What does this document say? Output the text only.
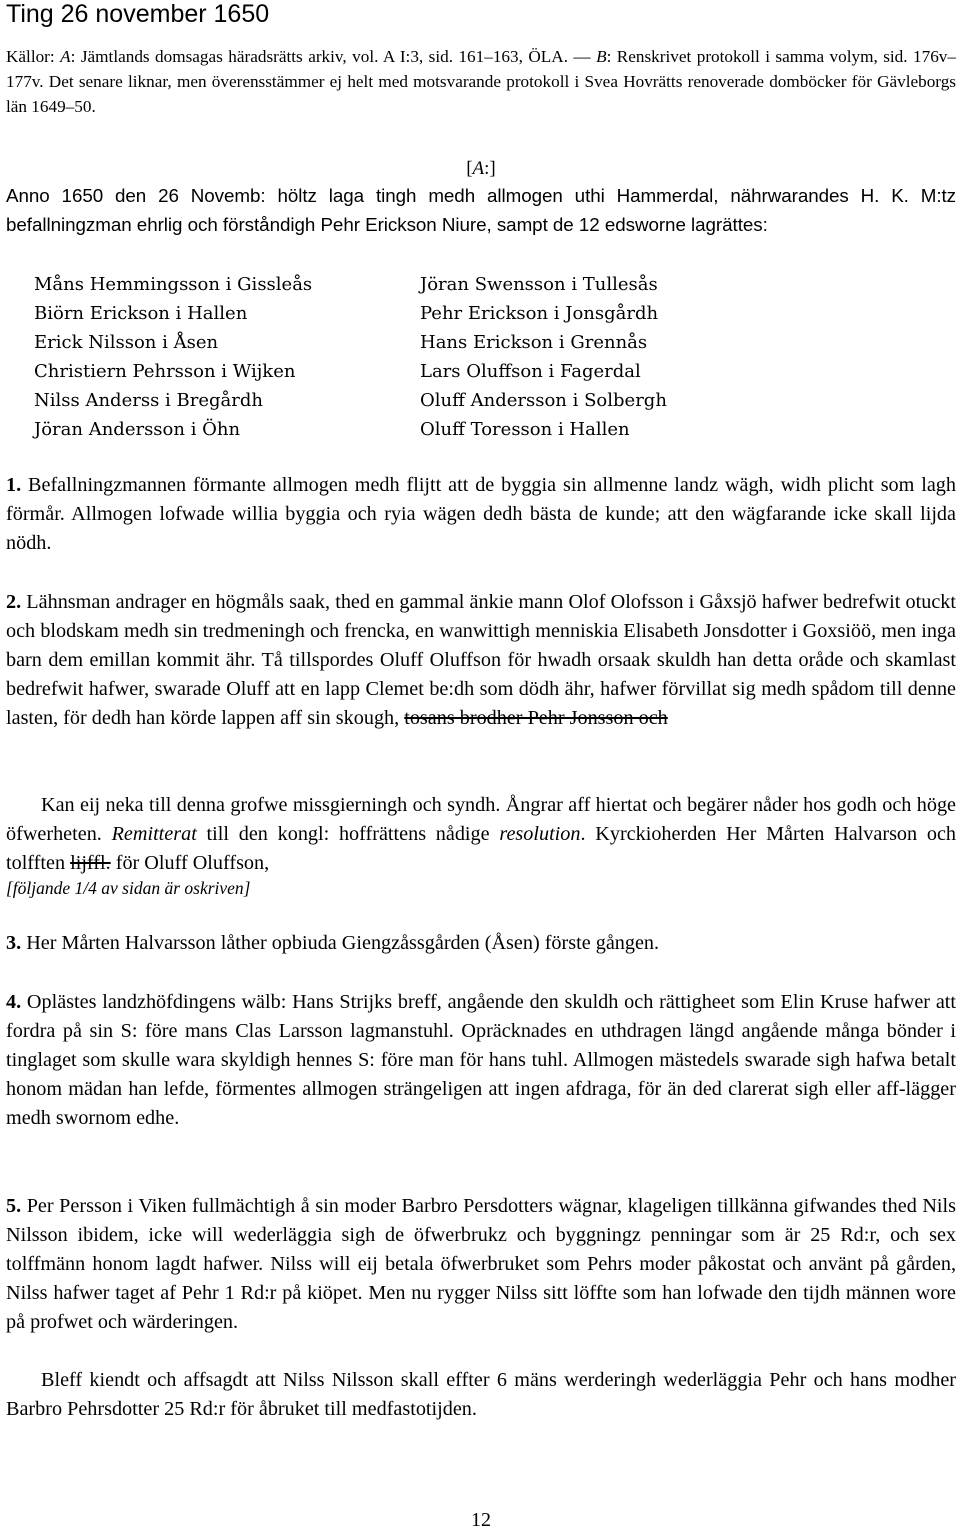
Ting 26 november 1650
Källor: A: Jämtlands domsagas häradsrätts arkiv, vol. A I:3, sid. 161–163, ÖLA. — B: Renskrivet protokoll i samma volym, sid. 176v–177v. Det senare liknar, men överensstämmer ej helt med motsvarande protokoll i Svea Hovrätts renoverade domböcker för Gävleborgs län 1649–50.
[A:]
Anno 1650 den 26 Novemb: höltz laga tingh medh allmogen uthi Hammerdal, nährwarandes H. K. M:tz befallningzman ehrlig och förståndigh Pehr Erickson Niure, sampt de 12 edsworne lagrättes:
Måns Hemmingsson i Gissleås	Jöran Swensson i Tullesås
Biörn Erickson i Hallen	Pehr Erickson i Jonsgårdh
Erick Nilsson i Åsen	Hans Erickson i Grennås
Christiern Pehrsson i Wijken	Lars Oluffson i Fagerdal
Nilss Anderss i Bregårdh	Oluff Andersson i Solbergh
Jöran Andersson i Öhn	Oluff Toresson i Hallen
1. Befallningzmannen förmante allmogen medh flijtt att de byggia sin allmenne landz wägh, widh plicht som lagh förmår. Allmogen lofwade willia byggia och ryia wägen dedh bästa de kunde; att den wägfarande icke skall lijda nödh.
2. Lähnsman andrager en högmåls saak, thed en gammal änkie mann Olof Olofsson i Gåxsjö hafwer bedrefwit otuckt och blodskam medh sin tredmeningh och frencka, en wanwittigh menniskia Elisabeth Jonsdotter i Goxsiöö, men inga barn dem emillan kommit ähr. Tå tillspordes Oluff Oluffson för hwadh orsaak skuldh han detta oråde och skamlast bedrefwit hafwer, swarade Oluff att en lapp Clemet be:dh som dödh ähr, hafwer förvillat sig medh spådom till denne lasten, för dedh han körde lappen aff sin skough, tosans brodher Pehr Jonsson och
Kan eij neka till denna grofwe missgierningh och syndh. Ångrar aff hiertat och begärer nåder hos godh och höge öfwerheten. Remitterat till den kongl: hoffrättens nådige resolution. Kyrckioherden Her Mårten Halvarson och tolfften lijffl. för Oluff Oluffson,
[följande 1/4 av sidan är oskriven]
3. Her Mårten Halvarsson låther opbiuda Giengzåssgården (Åsen) förste gången.
4. Oplästes landzhöfdingens wälb: Hans Strijks breff, angående den skuldh och rättigheet som Elin Kruse hafwer att fordra på sin S: före mans Clas Larsson lagmanstuhl. Opräcknades en uthdragen längd angående många bönder i tinglaget som skulle wara skyldigh hennes S: före man för hans tuhl. Allmogen mästedels swarade sigh hafwa betalt honom mädan han lefde, förmentes allmogen strängeligen att ingen afdraga, för än ded clarerat sigh eller aff-lägger medh swornom edhe.
5. Per Persson i Viken fullmächtigh å sin moder Barbro Persdotters wägnar, klageligen tillkänna gifwandes thed Nils Nilsson ibidem, icke will wederläggia sigh de öfwerbrukz och byggningz penningar som är 25 Rd:r, och sex tolffmänn honom lagdt hafwer. Nilss will eij betala öfwerbruket som Pehrs moder påkostat och använt på gården, Nilss hafwer taget af Pehr 1 Rd:r på kiöpet. Men nu rygger Nilss sitt löffte som han lofwade den tijdh männen wore på profwet och wärderingen.
Bleff kiendt och affsagdt att Nilss Nilsson skall effter 6 mäns werderingh wederläggia Pehr och hans modher Barbro Pehrsdotter 25 Rd:r för åbruket till medfastotijden.
12
